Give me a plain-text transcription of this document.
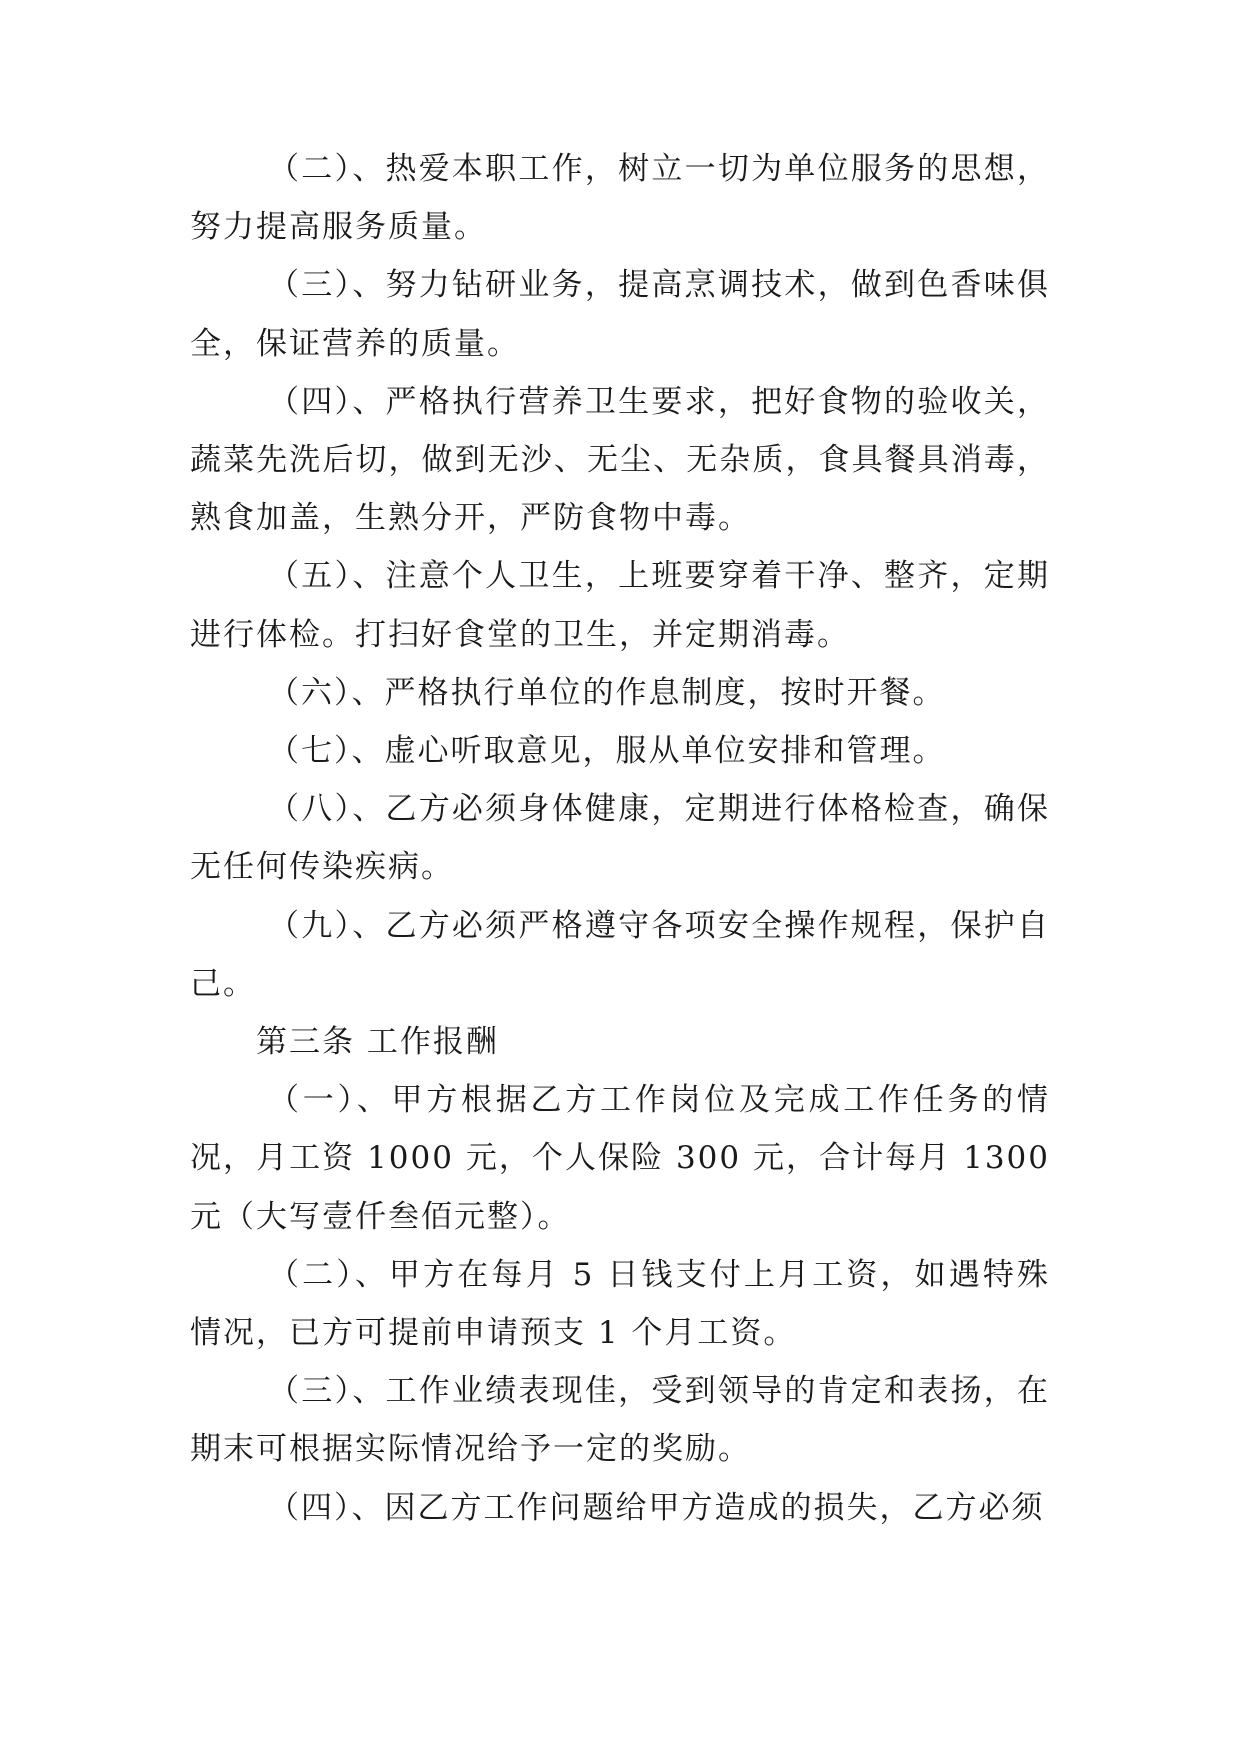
（二）、热爱本职工作，树立一切为单位服务的思想，努力提高服务质量。

（三）、努力钻研业务，提高烹调技术，做到色香味俱全，保证营养的质量。

（四）、严格执行营养卫生要求，把好食物的验收关，蔬菜先洗后切，做到无沙、无尘、无杂质，食具餐具消毒，熟食加盖，生熟分开，严防食物中毒。

（五）、注意个人卫生，上班要穿着干净、整齐，定期进行体检。打扫好食堂的卫生，并定期消毒。

（六）、严格执行单位的作息制度，按时开餐。

（七）、虚心听取意见，服从单位安排和管理。

（八）、乙方必须身体健康，定期进行体格检查，确保无任何传染疾病。

（九）、乙方必须严格遵守各项安全操作规程，保护自己。

第三条 工作报酬

（一）、甲方根据乙方工作岗位及完成工作任务的情况，月工资 1000 元，个人保险 300 元，合计每月 1300 元（大写壹仟叁佰元整）。

（二）、甲方在每月 5 日钱支付上月工资，如遇特殊情况，已方可提前申请预支 1 个月工资。

（三）、工作业绩表现佳，受到领导的肯定和表扬，在期末可根据实际情况给予一定的奖励。

（四）、因乙方工作问题给甲方造成的损失，乙方必须
